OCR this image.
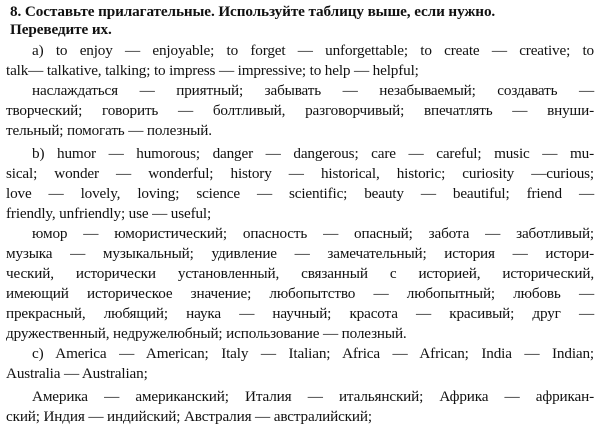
8. Составьте прилагательные. Используйте таблицу выше, если нужно.
Переведите их.
a) to enjoy — enjoyable; to forget — unforgettable; to create — creative; to
talk— talkative, talking; to impress — impressive; to help — helpful;
наслаждаться — приятный; забывать — незабываемый; создавать —
творческий; говорить — болтливый, разговорчивый; впечатлять — внуши-
тельный; помогать — полезный.
b) humor — humorous; danger — dangerous; care — careful; music — mu-
sical; wonder — wonderful; history — historical, historic; curiosity —curious;
love — lovely, loving; science — scientific; beauty — beautiful; friend —
friendly, unfriendly; use — useful;
юмор — юмористический; опасность — опасный; забота — заботливый;
музыка — музыкальный; удивление — замечательный; история — истори-
ческий, исторически установленный, связанный с историей, исторический,
имеющий историческое значение; любопытство — любопытный; любовь —
прекрасный, любящий; наука — научный; красота — красивый; друг —
дружественный, недружелюбный; использование — полезный.
c) America — American; Italy — Italian; Africa — African; India — Indian;
Australia — Australian;
Америка — американский; Италия — итальянский; Африка — африкан-
ский; Индия — индийский; Австралия — австралийский;
